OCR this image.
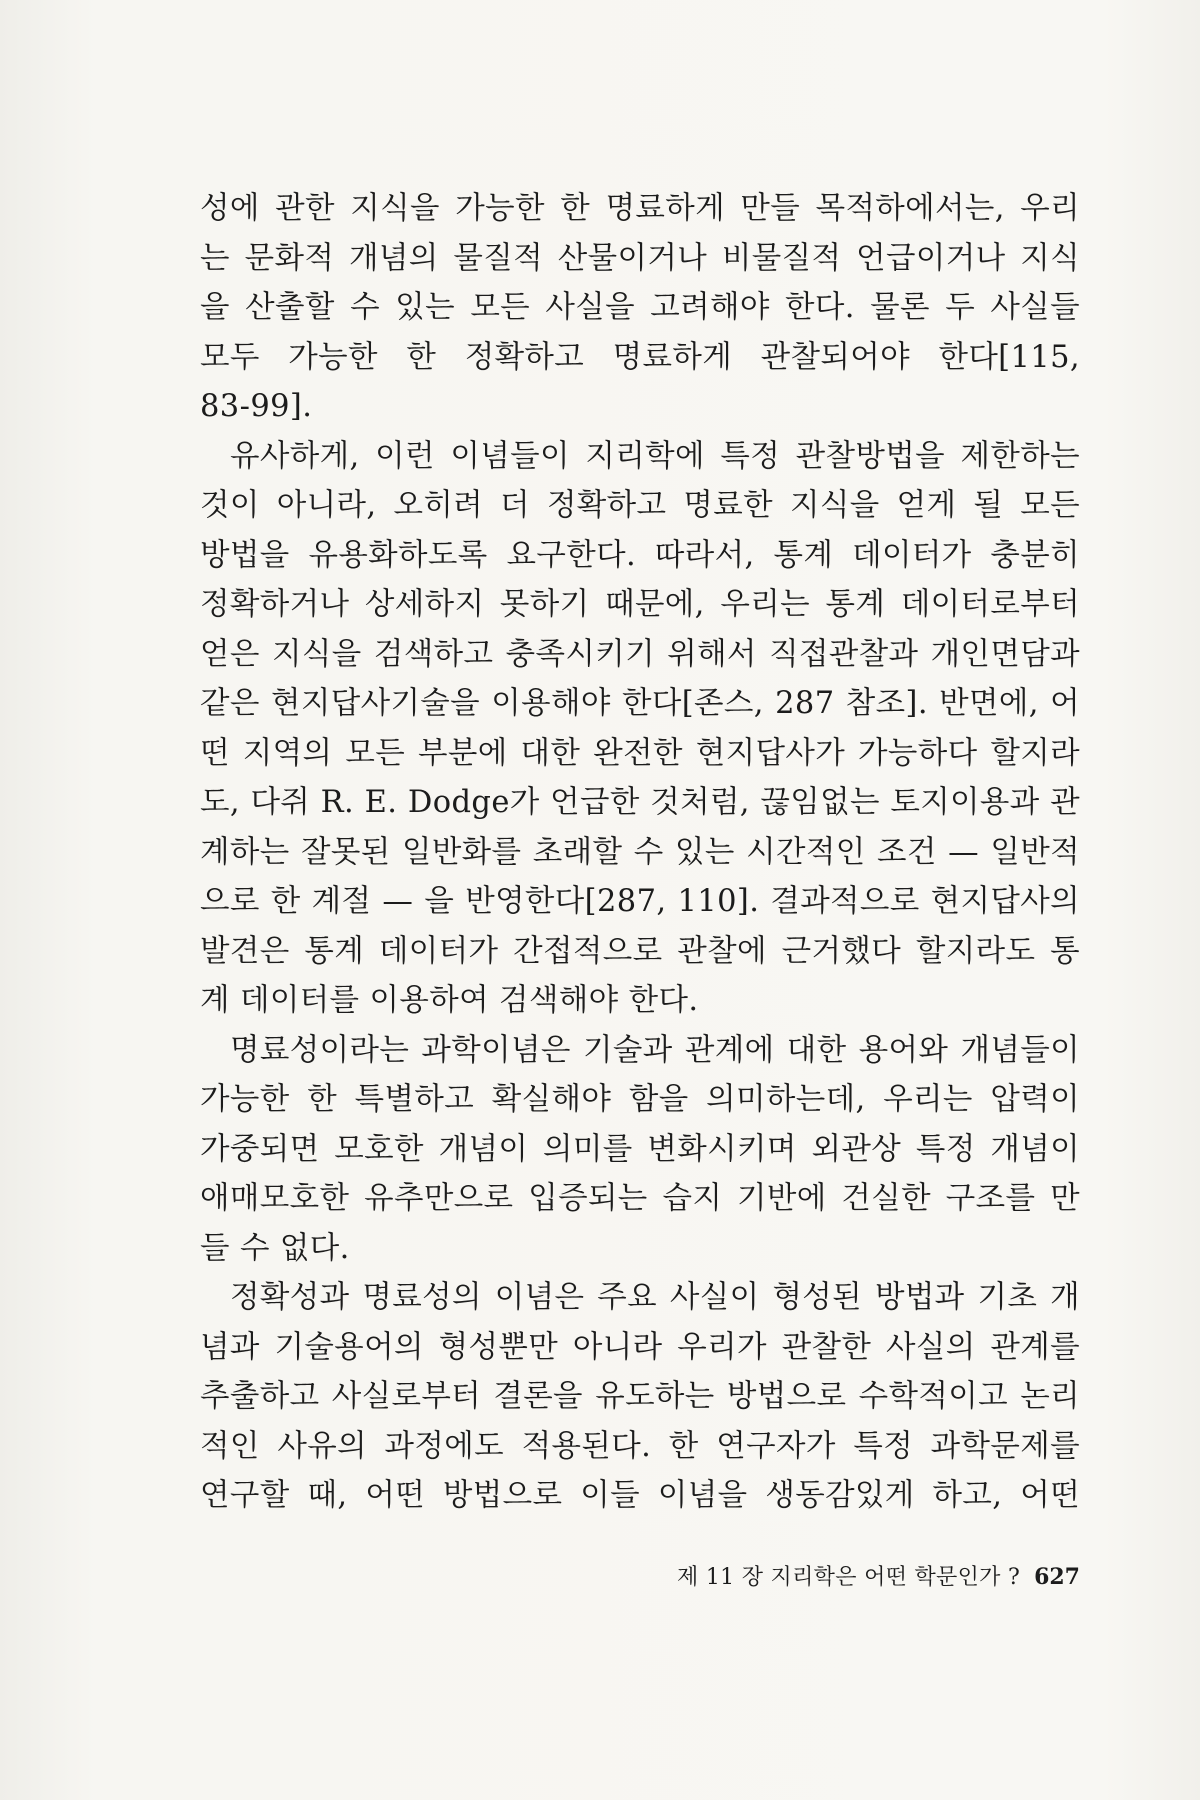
성에 관한 지식을 가능한 한 명료하게 만들 목적하에서는, 우리
는 문화적 개념의 물질적 산물이거나 비물질적 언급이거나 지식
을 산출할 수 있는 모든 사실을 고려해야 한다. 물론 두 사실들
모두 가능한 한 정확하고 명료하게 관찰되어야 한다[115,
83-99].
유사하게, 이런 이념들이 지리학에 특정 관찰방법을 제한하는
것이 아니라, 오히려 더 정확하고 명료한 지식을 얻게 될 모든
방법을 유용화하도록 요구한다. 따라서, 통계 데이터가 충분히
정확하거나 상세하지 못하기 때문에, 우리는 통계 데이터로부터
얻은 지식을 검색하고 충족시키기 위해서 직접관찰과 개인면담과
같은 현지답사기술을 이용해야 한다[존스, 287 참조]. 반면에, 어
떤 지역의 모든 부분에 대한 완전한 현지답사가 가능하다 할지라
도, 다쥐 R. E. Dodge가 언급한 것처럼, 끊임없는 토지이용과 관
계하는 잘못된 일반화를 초래할 수 있는 시간적인 조건 — 일반적
으로 한 계절 — 을 반영한다[287, 110]. 결과적으로 현지답사의
발견은 통계 데이터가 간접적으로 관찰에 근거했다 할지라도 통
계 데이터를 이용하여 검색해야 한다.
명료성이라는 과학이념은 기술과 관계에 대한 용어와 개념들이
가능한 한 특별하고 확실해야 함을 의미하는데, 우리는 압력이
가중되면 모호한 개념이 의미를 변화시키며 외관상 특정 개념이
애매모호한 유추만으로 입증되는 습지 기반에 건실한 구조를 만
들 수 없다.
정확성과 명료성의 이념은 주요 사실이 형성된 방법과 기초 개
념과 기술용어의 형성뿐만 아니라 우리가 관찰한 사실의 관계를
추출하고 사실로부터 결론을 유도하는 방법으로 수학적이고 논리
적인 사유의 과정에도 적용된다. 한 연구자가 특정 과학문제를
연구할 때, 어떤 방법으로 이들 이념을 생동감있게 하고, 어떤
제 11 장 지리학은 어떤 학문인가 ? 627
